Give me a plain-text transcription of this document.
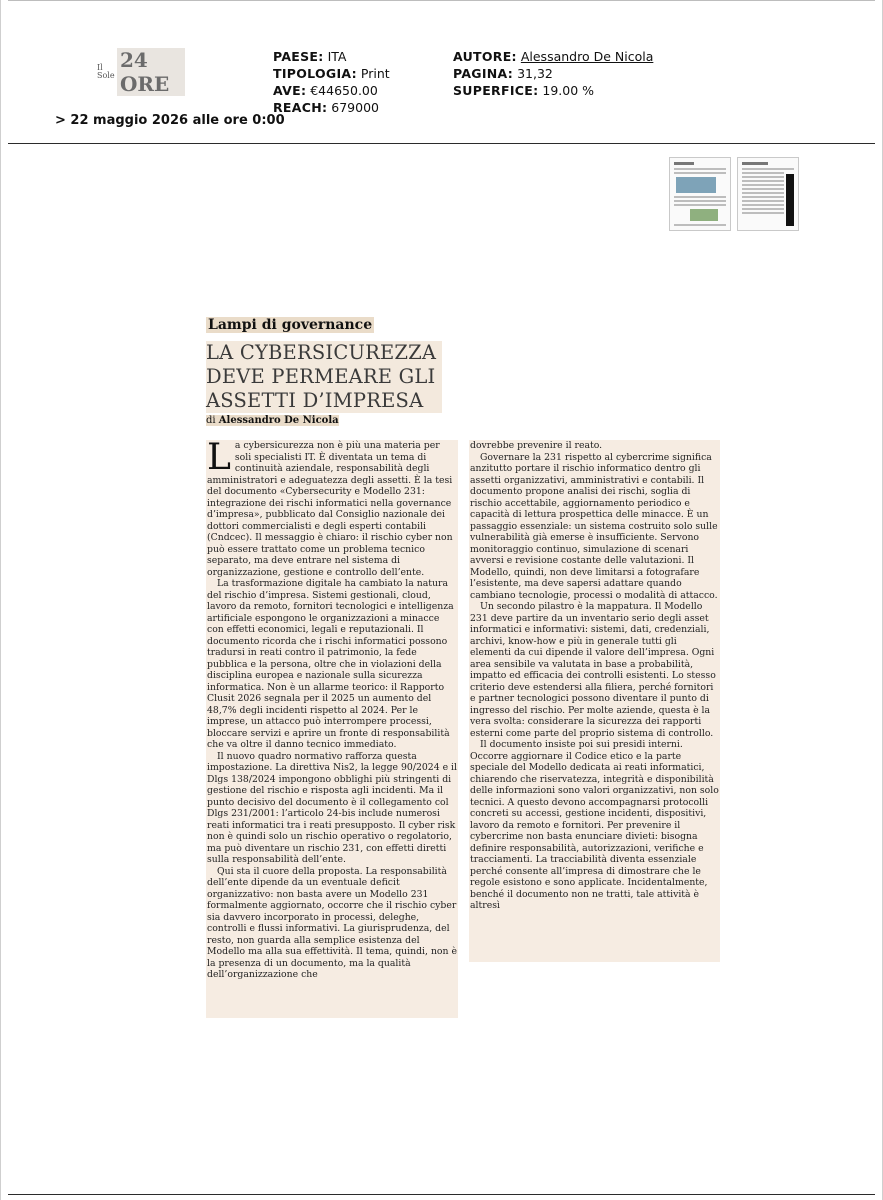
Il Sole
24 ORE
PAESE: ITA
TIPOLOGIA: Print
AVE: €44650.00
REACH: 679000
AUTORE: Alessandro De Nicola
PAGINA: 31,32
SUPERFICE: 19.00 %
> 22 maggio 2026 alle ore 0:00
Lampi di governance
LA CYBERSICUREZZA DEVE PERMEARE GLI ASSETTI D’IMPRESA
di Alessandro De Nicola

La cybersicurezza non è più una materia per soli specialisti IT. È diventata un tema di continuità aziendale, responsabilità degli amministratori e adeguatezza degli assetti. È la tesi del documento «Cybersecurity e Modello 231: integrazione dei rischi informatici nella governance d’impresa», pubblicato dal Consiglio nazionale dei dottori commercialisti e degli esperti contabili (Cndcec). Il messaggio è chiaro: il rischio cyber non può essere trattato come un problema tecnico separato, ma deve entrare nel sistema di organizzazione, gestione e controllo dell’ente.

La trasformazione digitale ha cambiato la natura del rischio d’impresa. Sistemi gestionali, cloud, lavoro da remoto, fornitori tecnologici e intelligenza artificiale espongono le organizzazioni a minacce con effetti economici, legali e reputazionali. Il documento ricorda che i rischi informatici possono tradursi in reati contro il patrimonio, la fede pubblica e la persona, oltre che in violazioni della disciplina europea e nazionale sulla sicurezza informatica. Non è un allarme teorico: il Rapporto Clusit 2026 segnala per il 2025 un aumento del 48,7% degli incidenti rispetto al 2024. Per le imprese, un attacco può interrompere processi, bloccare servizi e aprire un fronte di responsabilità che va oltre il danno tecnico immediato.

Il nuovo quadro normativo rafforza questa impostazione. La direttiva Nis2, la legge 90/2024 e il Dlgs 138/2024 impongono obblighi più stringenti di gestione del rischio e risposta agli incidenti. Ma il punto decisivo del documento è il collegamento col Dlgs 231/2001: l’articolo 24-bis include numerosi reati informatici tra i reati presupposto. Il cyber risk non è quindi solo un rischio operativo o regolatorio, ma può diventare un rischio 231, con effetti diretti sulla responsabilità dell’ente.

Qui sta il cuore della proposta. La responsabilità dell’ente dipende da un eventuale deficit organizzativo: non basta avere un Modello 231 formalmente aggiornato, occorre che il rischio cyber sia davvero incorporato in processi, deleghe, controlli e flussi informativi. La giurisprudenza, del resto, non guarda alla semplice esistenza del Modello ma alla sua effettività. Il tema, quindi, non è la presenza di un documento, ma la qualità dell’organizzazione che

dovrebbe prevenire il reato.

Governare la 231 rispetto al cybercrime significa anzitutto portare il rischio informatico dentro gli assetti organizzativi, amministrativi e contabili. Il documento propone analisi dei rischi, soglia di rischio accettabile, aggiornamento periodico e capacità di lettura prospettica delle minacce. È un passaggio essenziale: un sistema costruito solo sulle vulnerabilità già emerse è insufficiente. Servono monitoraggio continuo, simulazione di scenari avversi e revisione costante delle valutazioni. Il Modello, quindi, non deve limitarsi a fotografare l’esistente, ma deve sapersi adattare quando cambiano tecnologie, processi o modalità di attacco.

Un secondo pilastro è la mappatura. Il Modello 231 deve partire da un inventario serio degli asset informatici e informativi: sistemi, dati, credenziali, archivi, know-how e più in generale tutti gli elementi da cui dipende il valore dell’impresa. Ogni area sensibile va valutata in base a probabilità, impatto ed efficacia dei controlli esistenti. Lo stesso criterio deve estendersi alla filiera, perché fornitori e partner tecnologici possono diventare il punto di ingresso del rischio. Per molte aziende, questa è la vera svolta: considerare la sicurezza dei rapporti esterni come parte del proprio sistema di controllo.

Il documento insiste poi sui presidi interni. Occorre aggiornare il Codice etico e la parte speciale del Modello dedicata ai reati informatici, chiarendo che riservatezza, integrità e disponibilità delle informazioni sono valori organizzativi, non solo tecnici. A questo devono accompagnarsi protocolli concreti su accessi, gestione incidenti, dispositivi, lavoro da remoto e fornitori. Per prevenire il cybercrime non basta enunciare divieti: bisogna definire responsabilità, autorizzazioni, verifiche e tracciamenti. La tracciabilità diventa essenziale perché consente all’impresa di dimostrare che le regole esistono e sono applicate. Incidentalmente, benché il documento non ne tratti, tale attività è altresì
